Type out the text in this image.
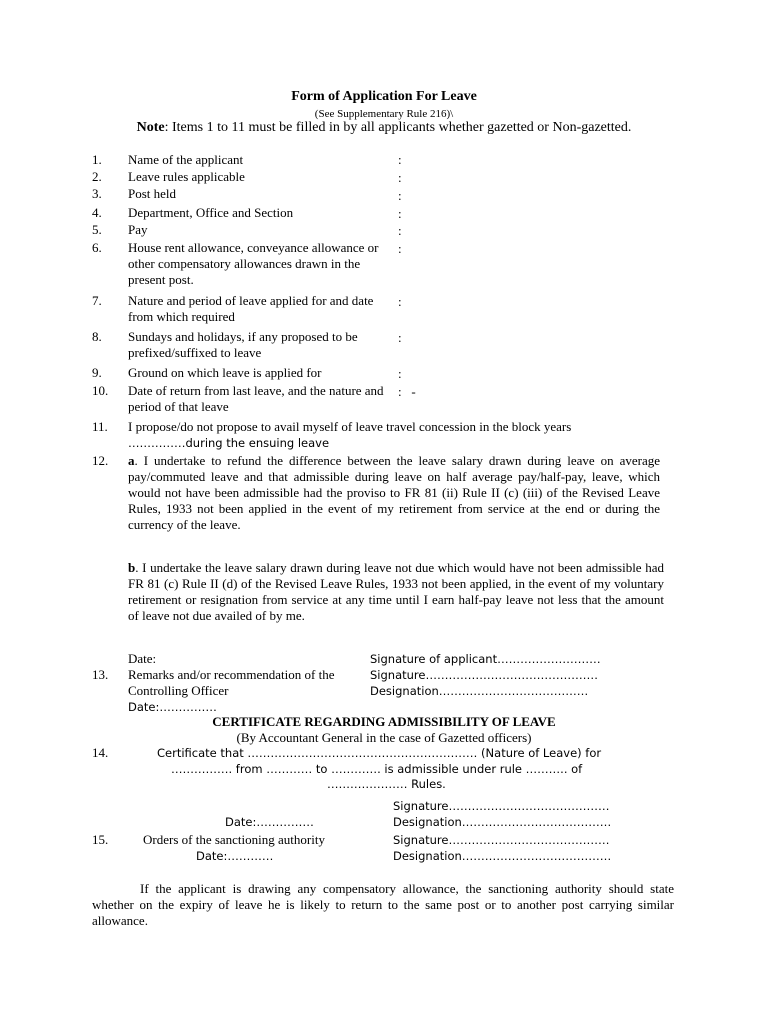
Form of Application For Leave
(See Supplementary Rule 216)\
Note: Items 1 to 11 must be filled in by all applicants whether gazetted or Non-gazetted.
1. Name of the applicant	:
2. Leave rules applicable	:
3. Post held	:
4. Department, Office and Section	:
5. Pay	:
6. House rent allowance, conveyance allowance or other compensatory allowances drawn in the present post.
:
7. Nature and period of leave applied for and date from which required
:
8. Sundays and holidays, if any proposed to be prefixed/suffixed to leave
:
9. Ground on which leave is applied for	:
10. Date of return from last leave, and the nature and period of that leave
:   -
11. I propose/do not propose to avail myself of leave travel concession in the block years
……………during the ensuing leave
12. a. I undertake to refund the difference between the leave salary drawn during leave on average pay/commuted leave and that admissible during leave on half average pay/half-pay, leave, which would not have been admissible had the proviso to FR 81 (ii) Rule II (c) (iii) of the Revised Leave Rules, 1933 not been applied in the event of my retirement from service at the end or during the currency of the leave.
b. I undertake the leave salary drawn during leave not due which would have not been admissible had FR 81 (c) Rule II (d) of the Revised Leave Rules, 1933 not been applied, in the event of my voluntary retirement or resignation from service at any time until I earn half-pay leave not less that the amount of leave not due availed of by me.
Date:	Signature of applicant………………………
13. Remarks and/or recommendation of the	Signature………………………………………
Controlling Officer	Designation…………………………………
Date:……………
CERTIFICATE REGARDING ADMISSIBILITY OF LEAVE
(By Accountant General in the case of Gazetted officers)
14.	Certificate that …………………………………………………… (Nature of Leave) for
……………. from ………… to …………. is admissible under rule ……….. of
………………… Rules.
Signature……………………………………
Date:……………	Designation…………………………………
15.	Orders of the sanctioning authority	Signature……………………………………
Date:…………	Designation…………………………………
If the applicant is drawing any compensatory allowance, the sanctioning authority should state whether on the expiry of leave he is likely to return to the same post or to another post carrying similar allowance.
